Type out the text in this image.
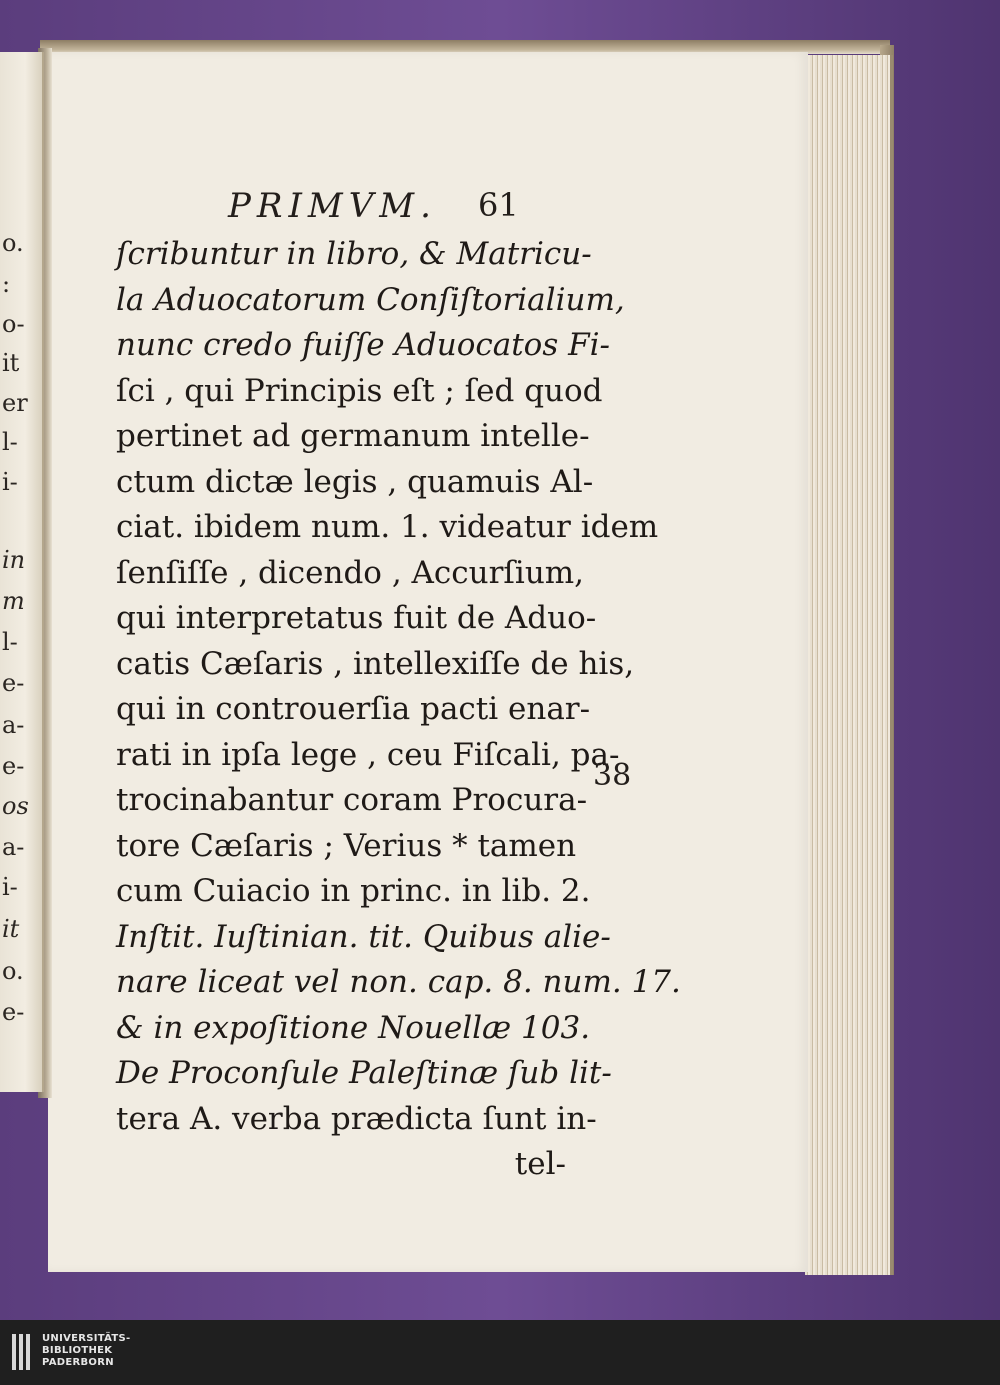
o.
:
o-
it
er
l-
i-
in
m
l-
e-
a-
e-
os
a-
i-
it
o.
e-
PRIMVM.	61
ſcribuntur in libro, & Matricu-
la Aduocatorum Conſiſtorialium,
nunc credo fuiſſe Aduocatos Fi-
ſci , qui Principis eſt ; ſed quod
pertinet ad germanum intelle-
ctum dictæ legis , quamuis Al-
ciat. ibidem num. 1. videatur idem
ſenſiſſe , dicendo , Accurſium,
qui interpretatus fuit de Aduo-
catis Cæſaris , intellexiſſe de his,
qui in controuerſia pacti enar-
rati in ipſa lege , ceu Fiſcali, pa-
trocinabantur coram Procura-
tore Cæſaris ; Verius * tamen
cum Cuiacio in princ. in lib. 2.
Inſtit. Iuſtinian. tit. Quibus alie-
nare liceat vel non. cap. 8. num. 17.
& in expoſitione Nouellæ 103.
De Proconſule Paleſtinæ ſub lit-
tera A. verba prædicta ſunt in-
tel-
38
UNIVERSITÄTS-
BIBLIOTHEK
PADERBORN
